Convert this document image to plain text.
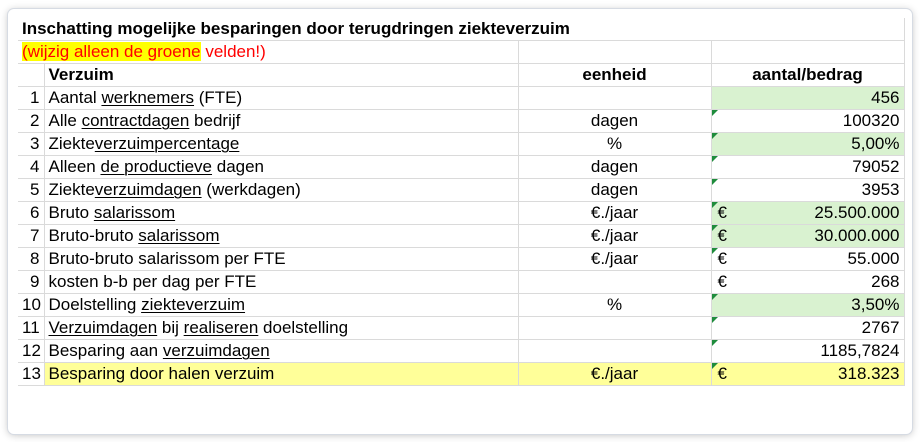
Inschatting mogelijke besparingen door terugdringen ziekteverzuim			
(wijzig alleen de groene velden!)			
	Verzuim	eenheid	aantal/bedrag
1	Aantal werknemers (FTE)		456

2	Alle contractdagen bedrijf	dagen	100320

3	Ziekteverzuimpercentage	%	5,00%

4	Alleen de productieve dagen	dagen	79052

5	Ziekteverzuimdagen (werkdagen)	dagen	3953

6	Bruto salarissom	€./jaar	€ 25.500.000

7	Bruto-bruto salarissom	€./jaar	€ 30.000.000

8	Bruto-bruto salarissom per FTE	€./jaar	€ 55.000

9	kosten b-b per dag per FTE		€ 268

10	Doelstelling ziekteverzuim	%	3,50%

11	Verzuimdagen bij realiseren doelstelling		2767

12	Besparing aan verzuimdagen		1185,7824

13	Besparing door halen verzuim	€./jaar	€ 318.323
